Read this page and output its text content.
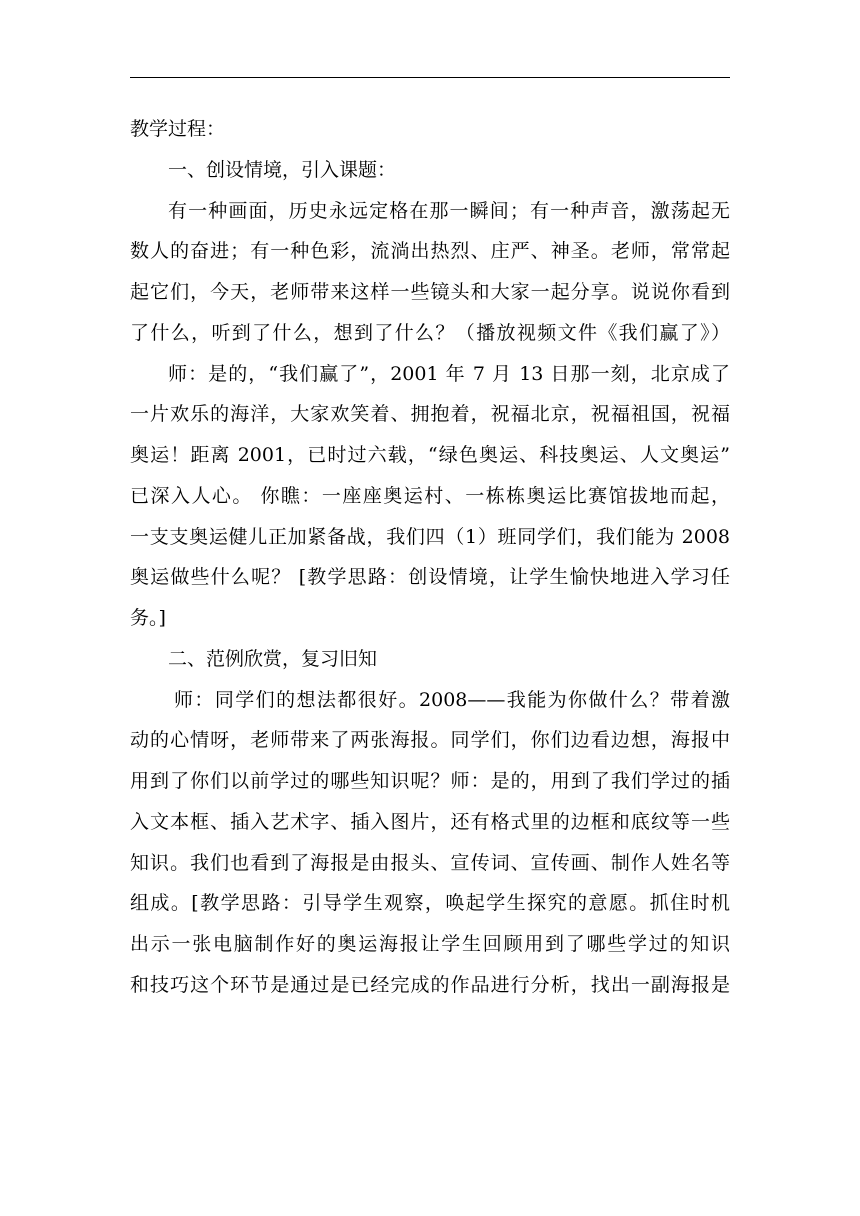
教学过程：
一、创设情境，引入课题：
有一种画面，历史永远定格在那一瞬间；有一种声音，激荡起无
数人的奋进；有一种色彩，流淌出热烈、庄严、神圣。老师，常常起
起它们，今天，老师带来这样一些镜头和大家一起分享。说说你看到
了什么，听到了什么，想到了什么？（播放视频文件《我们赢了》）
师：是的，“我们赢了”，2001 年 7 月 13 日那一刻，北京成了
一片欢乐的海洋，大家欢笑着、拥抱着，祝福北京，祝福祖国，祝福
奥运！距离 2001，已时过六载，“绿色奥运、科技奥运、人文奥运”
已深入人心。 你瞧：一座座奥运村、一栋栋奥运比赛馆拔地而起，
一支支奥运健儿正加紧备战，我们四（1）班同学们，我们能为 2008
奥运做些什么呢？ [教学思路：创设情境，让学生愉快地进入学习任
务。]
二、范例欣赏，复习旧知
师：同学们的想法都很好。2008——我能为你做什么？带着激
动的心情呀，老师带来了两张海报。同学们，你们边看边想，海报中
用到了你们以前学过的哪些知识呢？师：是的，用到了我们学过的插
入文本框、插入艺术字、插入图片，还有格式里的边框和底纹等一些
知识。我们也看到了海报是由报头、宣传词、宣传画、制作人姓名等
组成。[教学思路：引导学生观察，唤起学生探究的意愿。抓住时机
出示一张电脑制作好的奥运海报让学生回顾用到了哪些学过的知识
和技巧这个环节是通过是已经完成的作品进行分析，找出一副海报是
